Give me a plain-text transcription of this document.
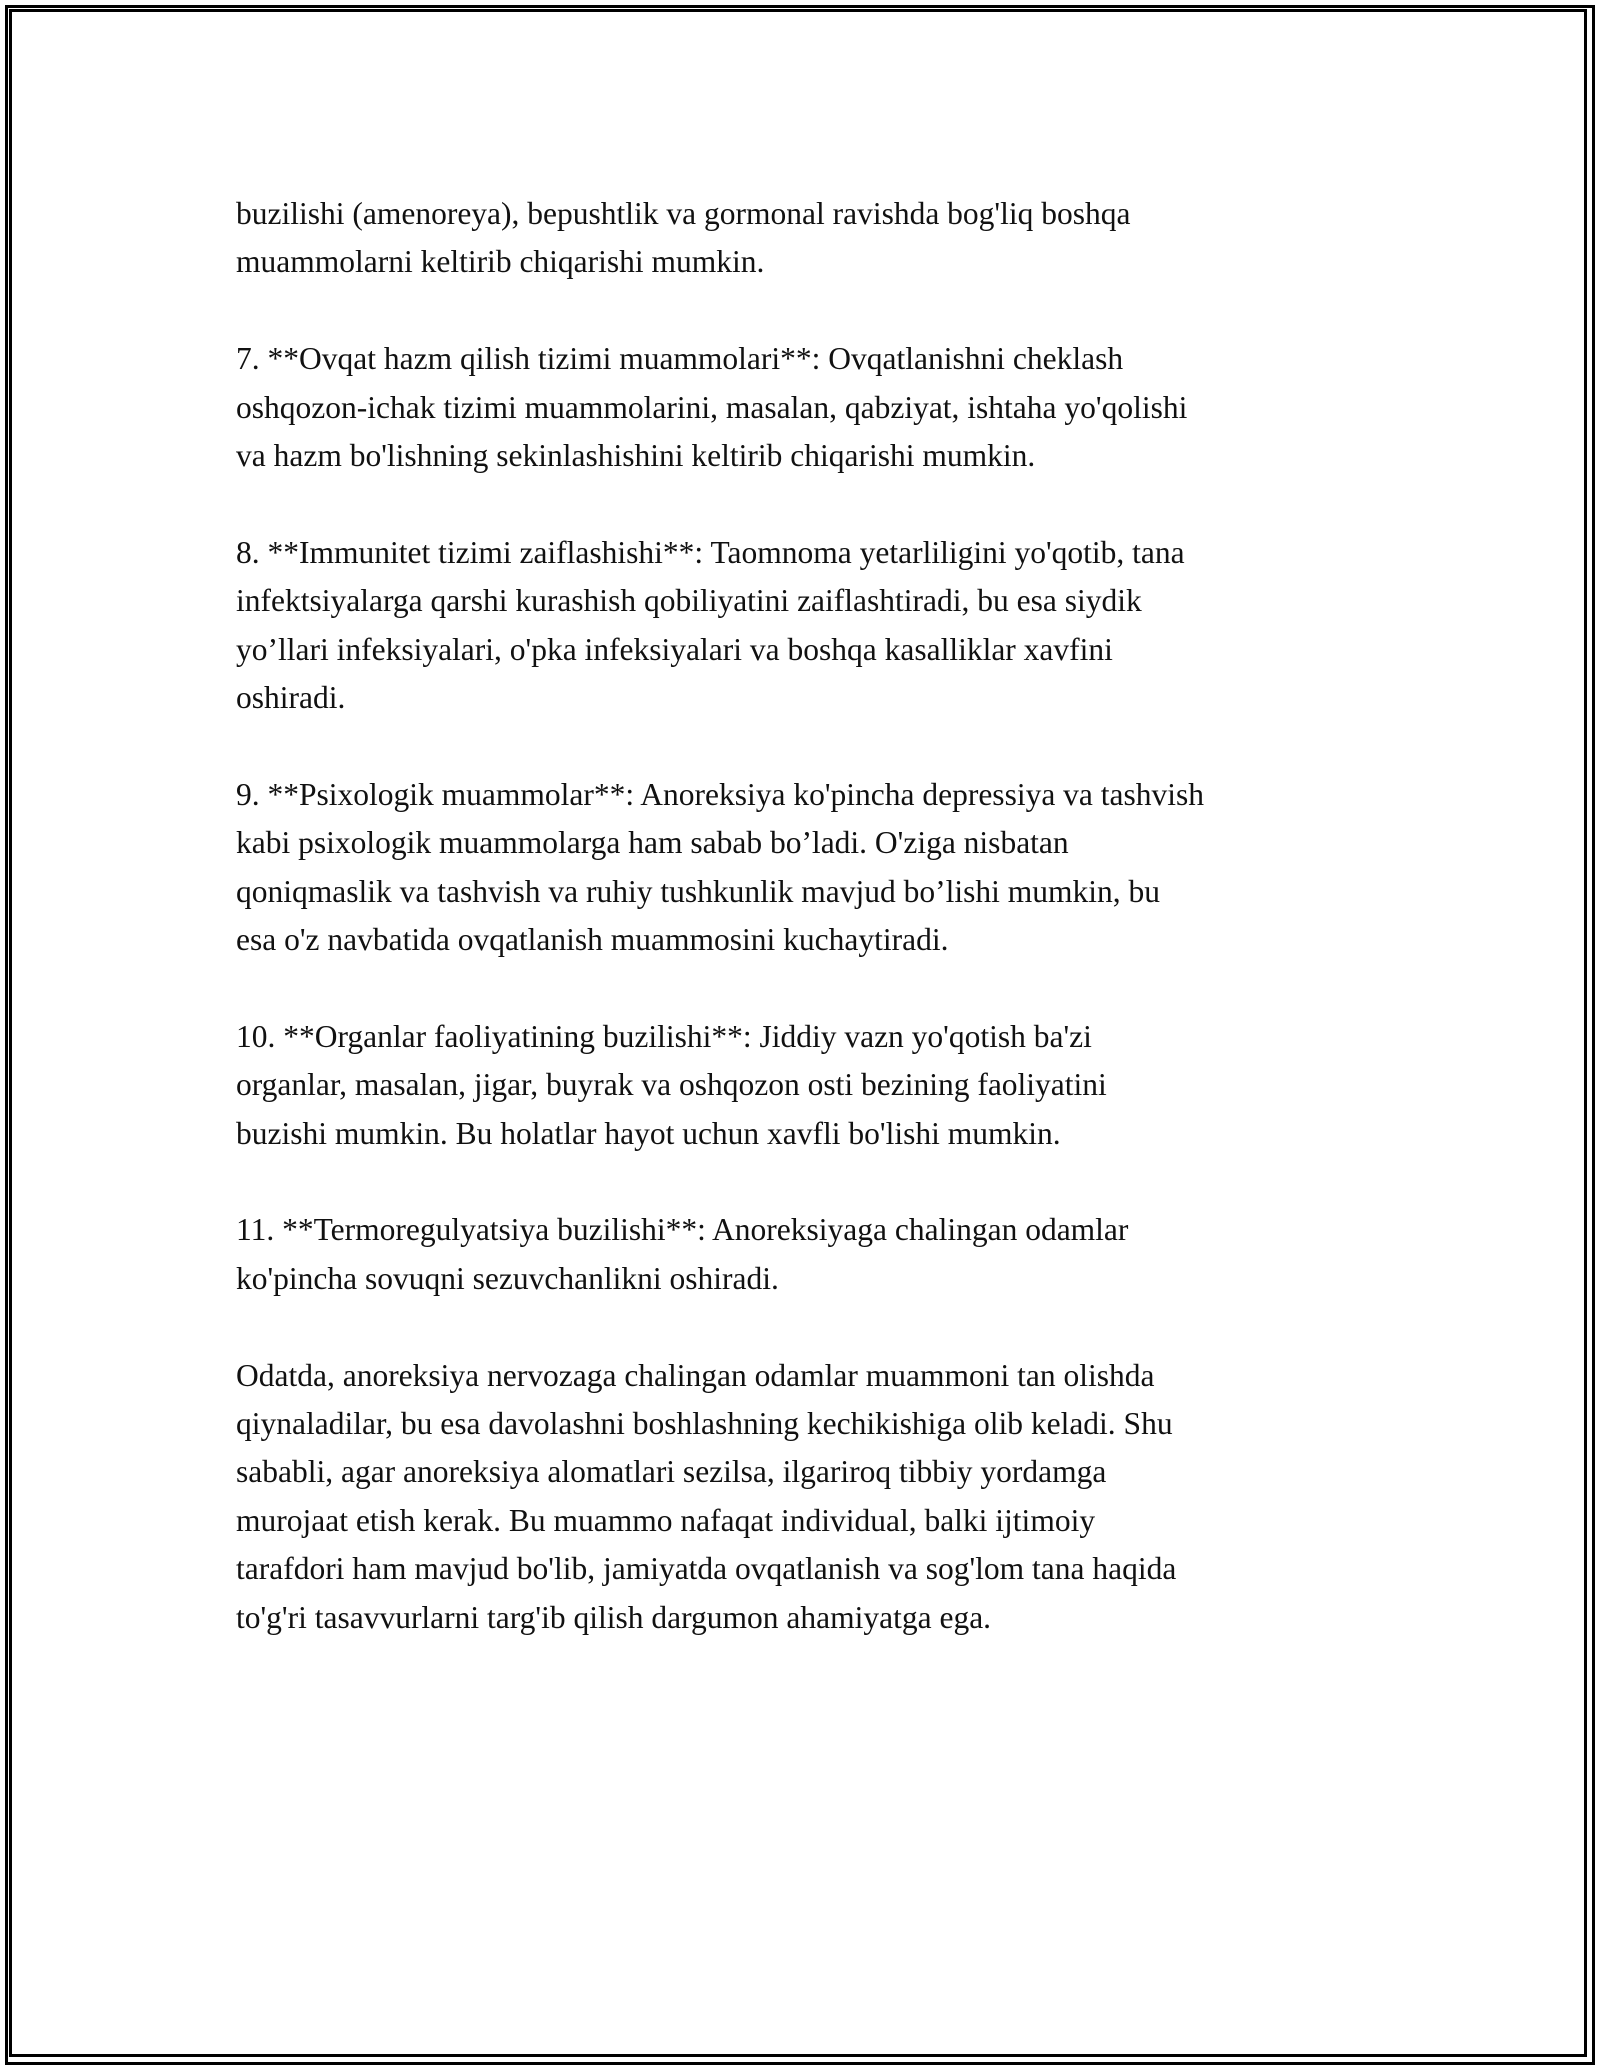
buzilishi (amenoreya), bepushtlik va gormonal ravishda bog'liq boshqa
muammolarni keltirib chiqarishi mumkin.

7. **Ovqat hazm qilish tizimi muammolari**: Ovqatlanishni cheklash
oshqozon-ichak tizimi muammolarini, masalan, qabziyat, ishtaha yo'qolishi
va hazm bo'lishning sekinlashishini keltirib chiqarishi mumkin.

8. **Immunitet tizimi zaiflashishi**: Taomnoma yetarliligini yo'qotib, tana
infektsiyalarga qarshi kurashish qobiliyatini zaiflashtiradi, bu esa siydik
yo’llari infeksiyalari, o'pka infeksiyalari va boshqa kasalliklar xavfini
oshiradi.

9. **Psixologik muammolar**: Anoreksiya ko'pincha depressiya va tashvish
kabi psixologik muammolarga ham sabab bo’ladi. O'ziga nisbatan
qoniqmaslik va tashvish va ruhiy tushkunlik mavjud bo’lishi mumkin, bu
esa o'z navbatida ovqatlanish muammosini kuchaytiradi.

10. **Organlar faoliyatining buzilishi**: Jiddiy vazn yo'qotish ba'zi
organlar, masalan, jigar, buyrak va oshqozon osti bezining faoliyatini
buzishi mumkin. Bu holatlar hayot uchun xavfli bo'lishi mumkin.

11. **Termoregulyatsiya buzilishi**: Anoreksiyaga chalingan odamlar
ko'pincha sovuqni sezuvchanlikni oshiradi.

Odatda, anoreksiya nervozaga chalingan odamlar muammoni tan olishda
qiynaladilar, bu esa davolashni boshlashning kechikishiga olib keladi. Shu
sababli, agar anoreksiya alomatlari sezilsa, ilgariroq tibbiy yordamga
murojaat etish kerak. Bu muammo nafaqat individual, balki ijtimoiy
tarafdori ham mavjud bo'lib, jamiyatda ovqatlanish va sog'lom tana haqida
to'g'ri tasavvurlarni targ'ib qilish dargumon ahamiyatga ega.
